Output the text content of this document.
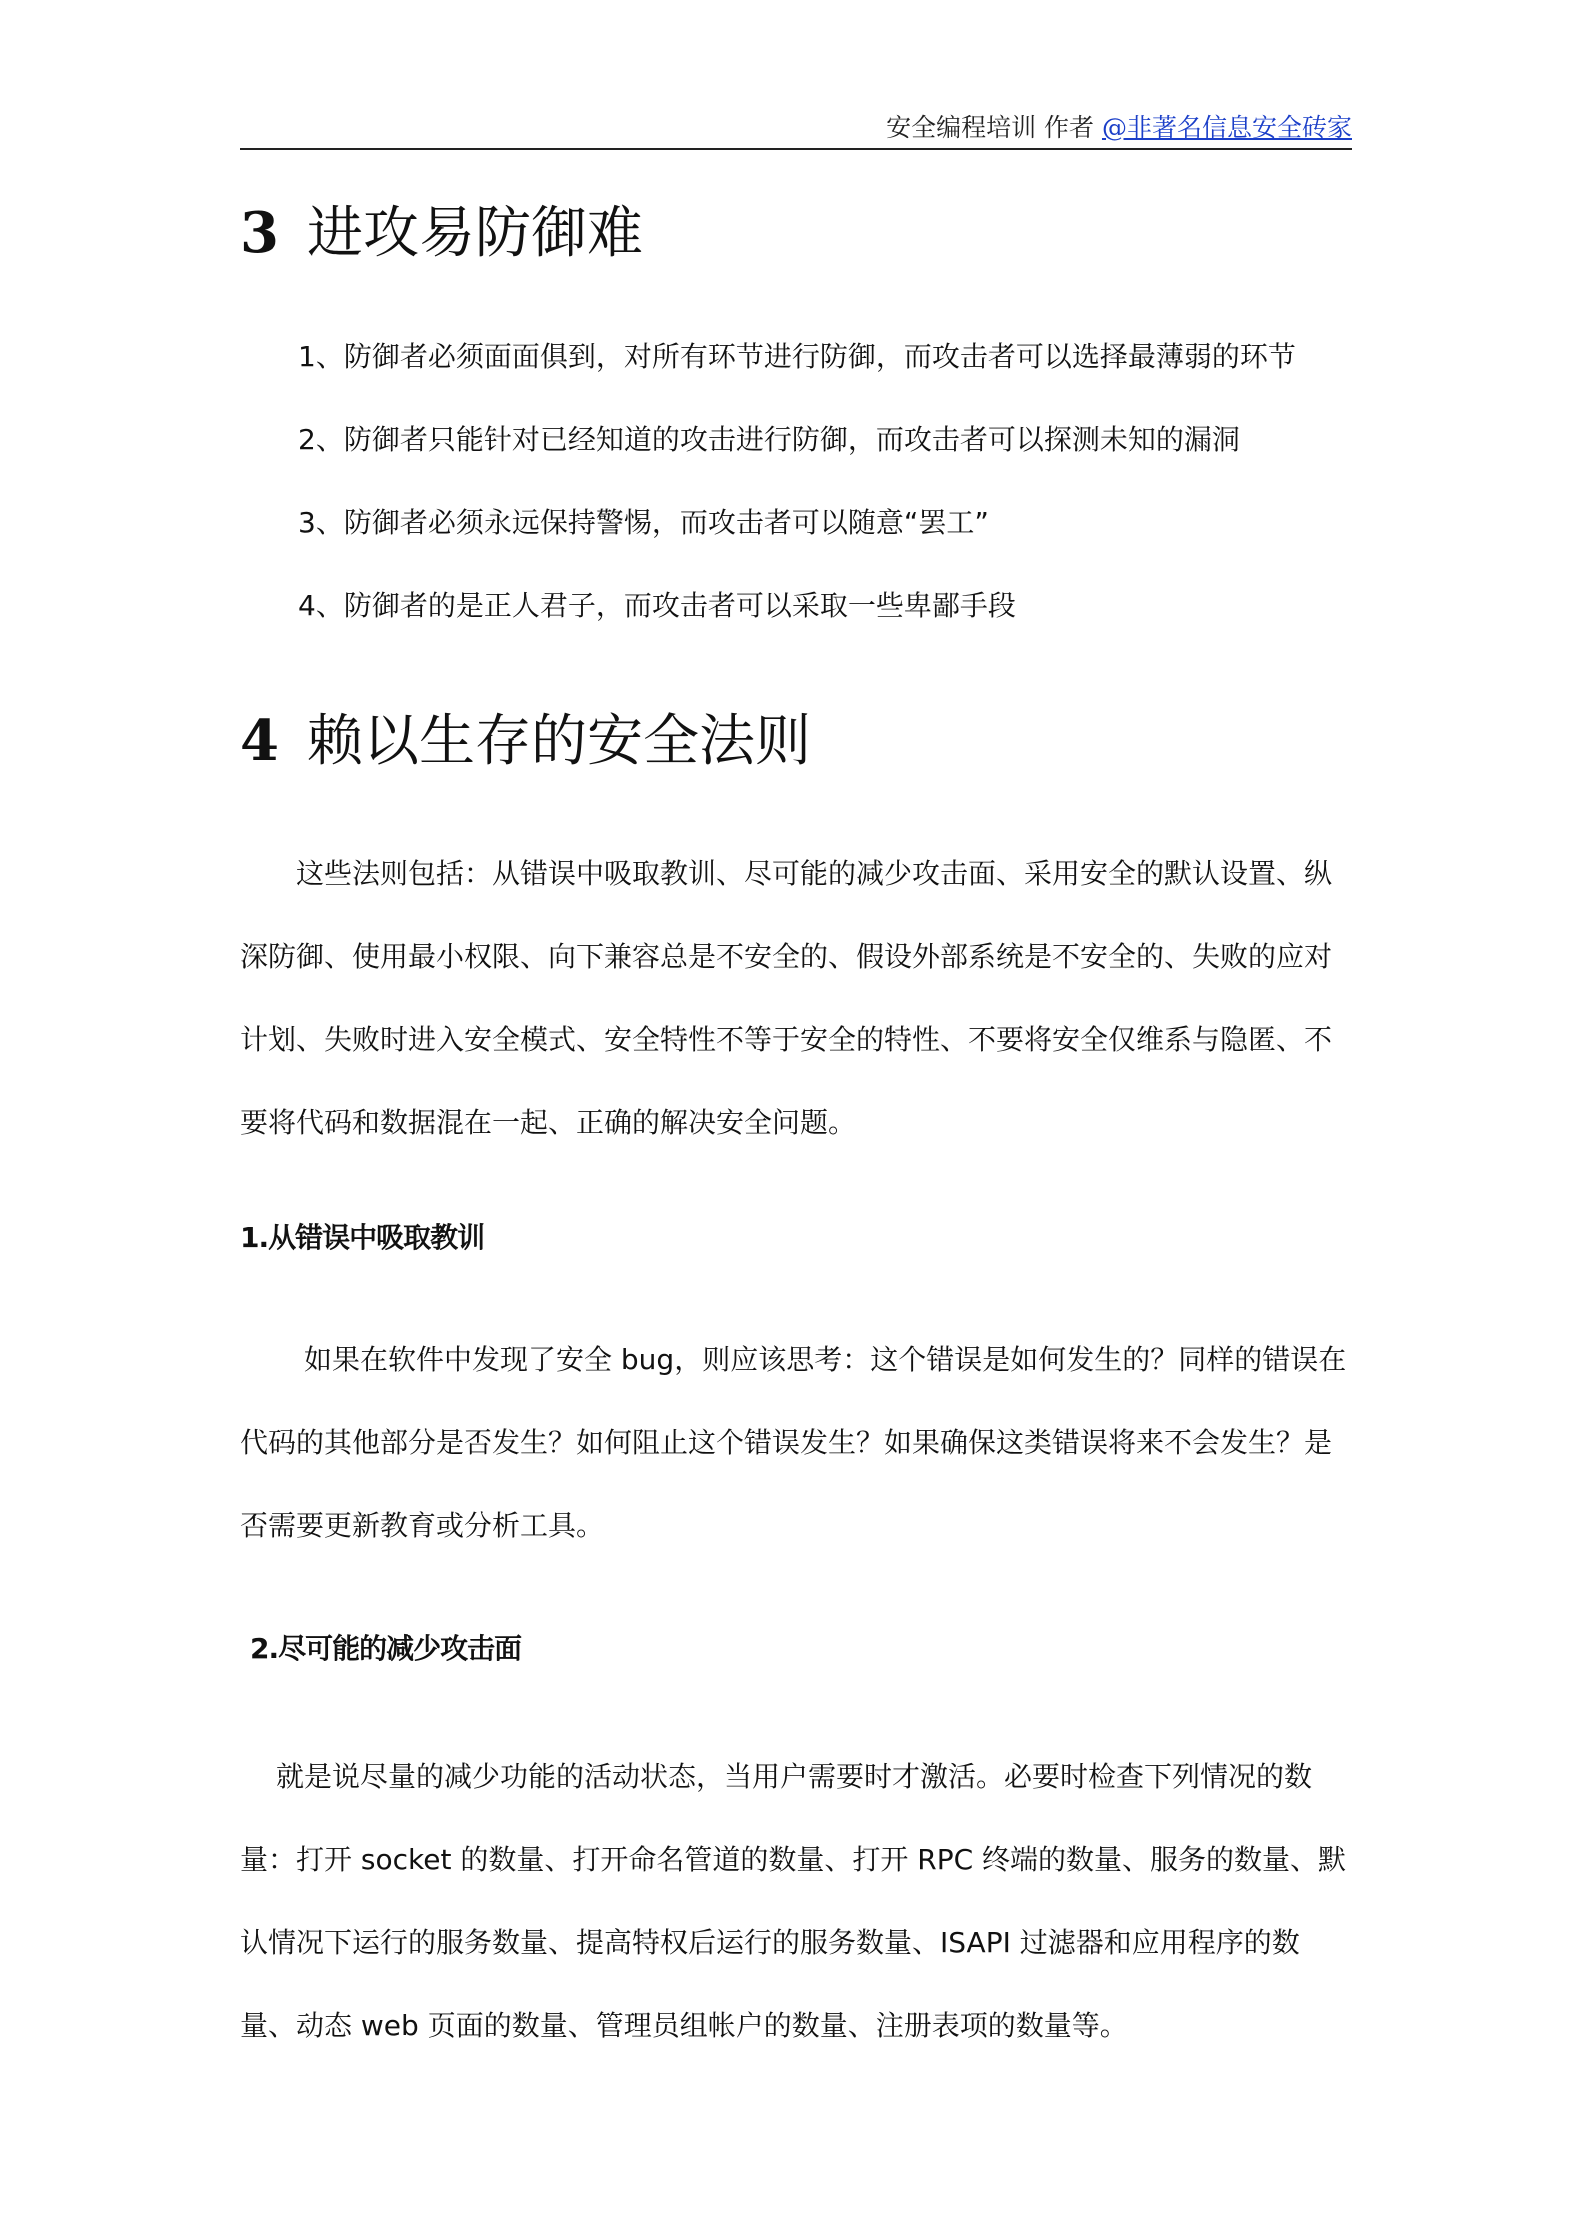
安全编程培训 作者 @非著名信息安全砖家
3 进攻易防御难
1、防御者必须面面俱到，对所有环节进行防御，而攻击者可以选择最薄弱的环节
2、防御者只能针对已经知道的攻击进行防御，而攻击者可以探测未知的漏洞
3、防御者必须永远保持警惕，而攻击者可以随意“罢工”
4、防御者的是正人君子，而攻击者可以采取一些卑鄙手段
4 赖以生存的安全法则

这些法则包括：从错误中吸取教训、尽可能的减少攻击面、采用安全的默认设置、纵深防御、使用最小权限、向下兼容总是不安全的、假设外部系统是不安全的、失败的应对计划、失败时进入安全模式、安全特性不等于安全的特性、不要将安全仅维系与隐匿、不要将代码和数据混在一起、正确的解决安全问题。

1.从错误中吸取教训

如果在软件中发现了安全 bug，则应该思考：这个错误是如何发生的？同样的错误在代码的其他部分是否发生？如何阻止这个错误发生？如果确保这类错误将来不会发生？是否需要更新教育或分析工具。

2.尽可能的减少攻击面

就是说尽量的减少功能的活动状态，当用户需要时才激活。必要时检查下列情况的数量：打开 socket 的数量、打开命名管道的数量、打开 RPC 终端的数量、服务的数量、默认情况下运行的服务数量、提高特权后运行的服务数量、ISAPI 过滤器和应用程序的数量、动态 web 页面的数量、管理员组帐户的数量、注册表项的数量等。
